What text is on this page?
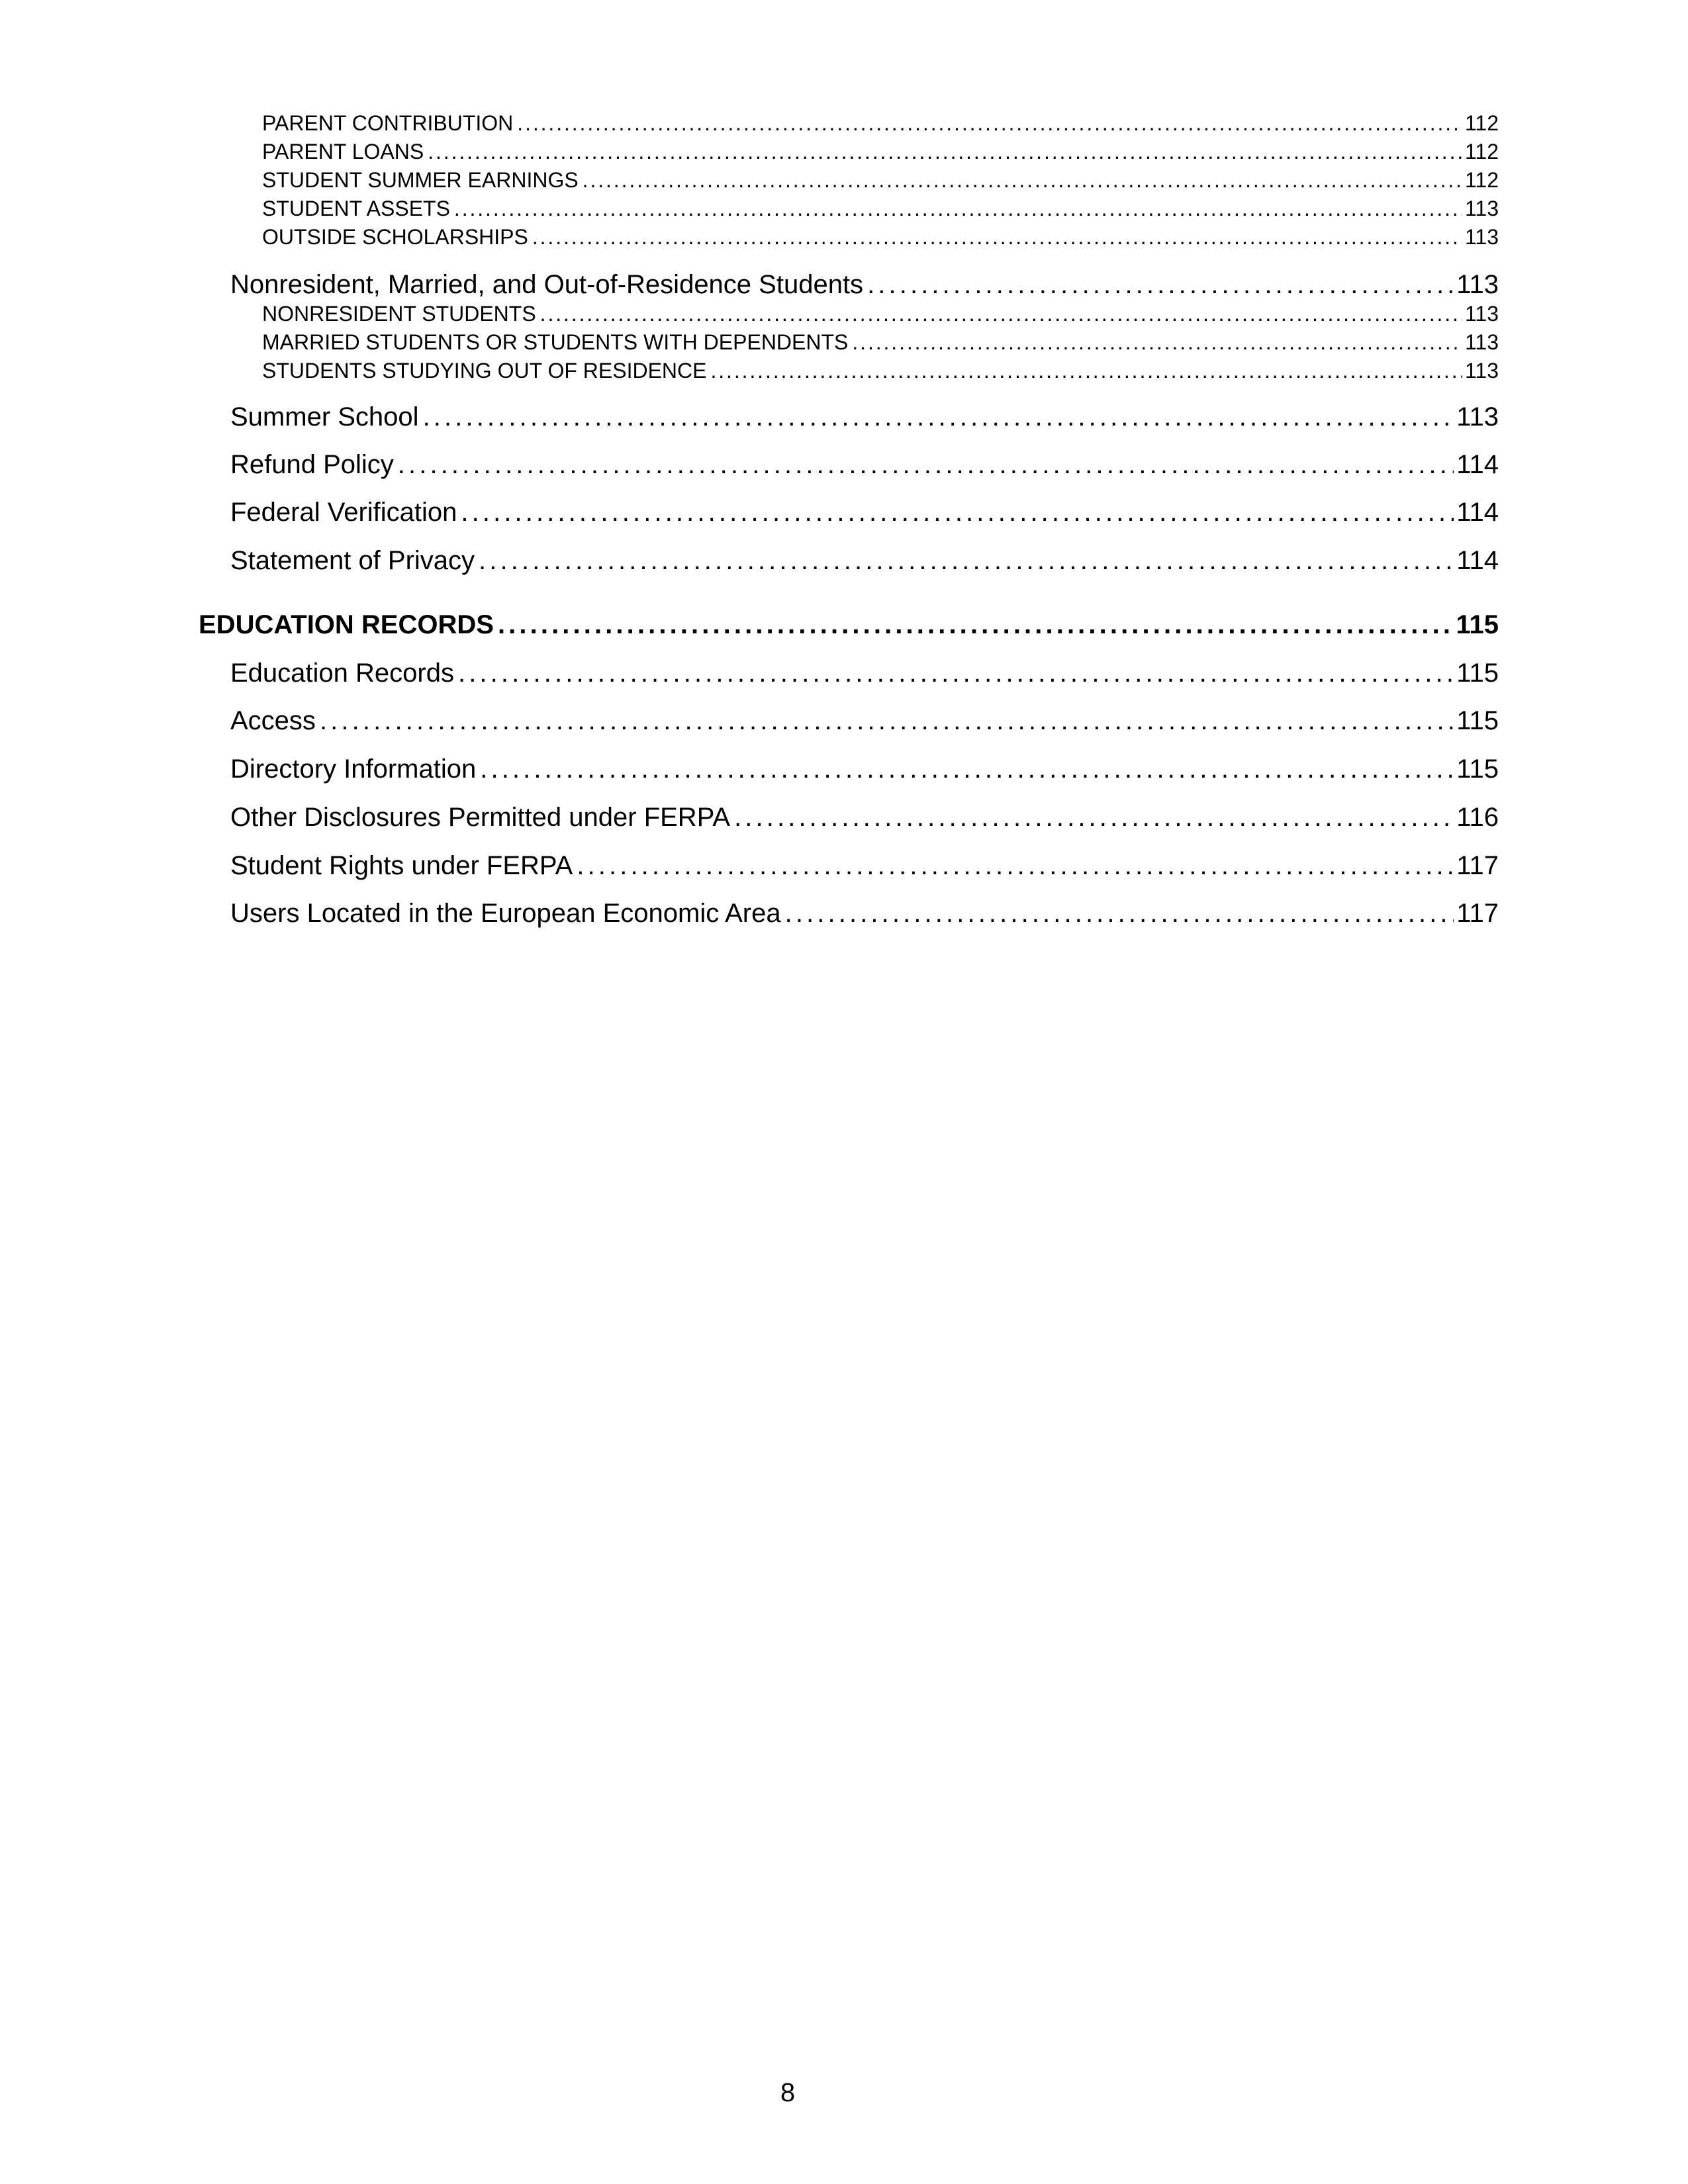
PARENT CONTRIBUTION . . .	112
PARENT LOANS . . .	112
STUDENT SUMMER EARNINGS . . .	112
STUDENT ASSETS . . .	113
OUTSIDE SCHOLARSHIPS . . .	113
Nonresident, Married, and Out-of-Residence Students . . .	113
NONRESIDENT STUDENTS . . .	113
MARRIED STUDENTS OR STUDENTS WITH DEPENDENTS . . .	113
STUDENTS STUDYING OUT OF RESIDENCE . . .	113
Summer School . . .	113
Refund Policy . . .	114
Federal Verification . . .	114
Statement of Privacy . . .	114
EDUCATION RECORDS . . .	115
Education Records . . .	115
Access . . .	115
Directory Information . . .	115
Other Disclosures Permitted under FERPA . . .	116
Student Rights under FERPA . . .	117
Users Located in the European Economic Area . . .	117
8
